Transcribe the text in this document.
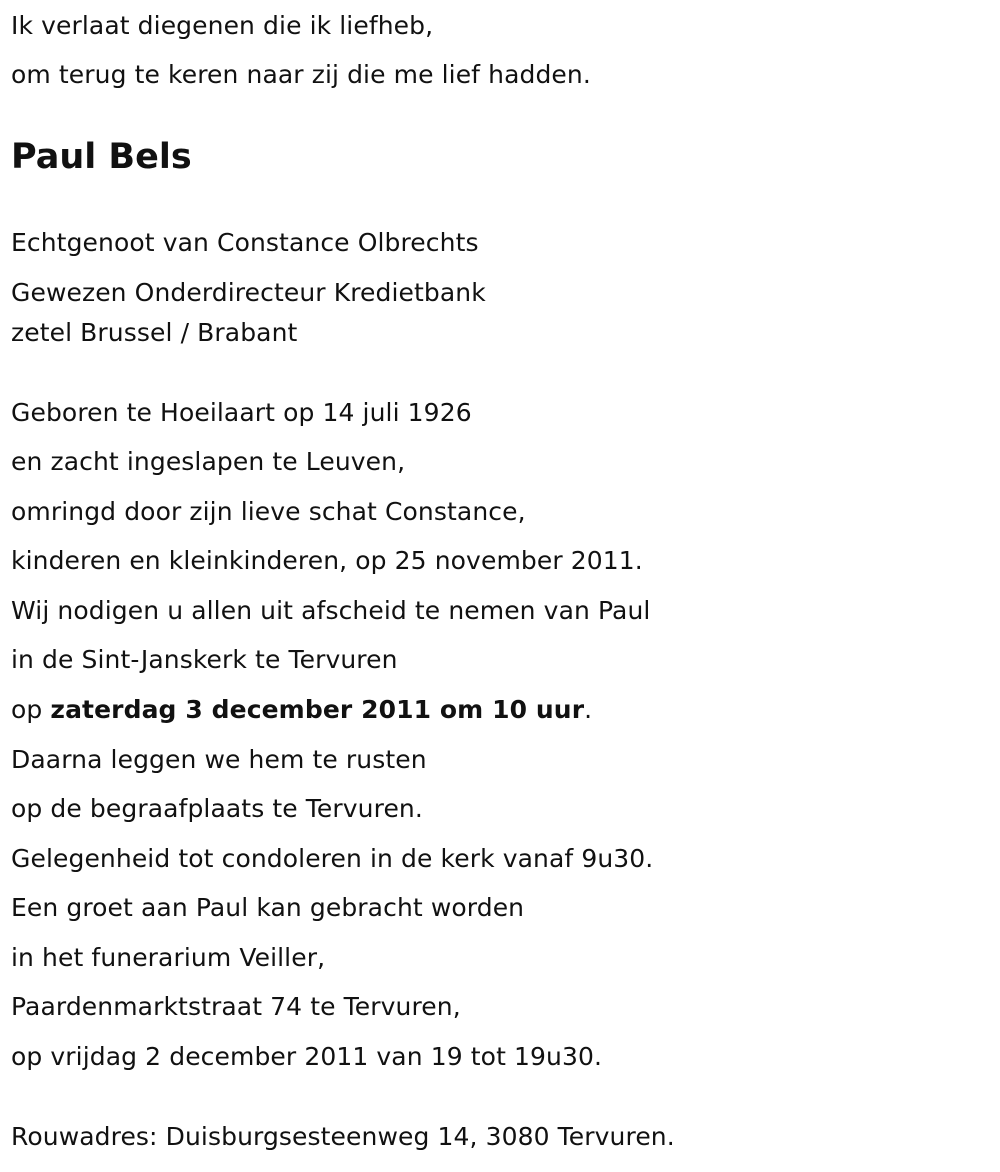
Ik verlaat diegenen die ik liefheb,

om terug te keren naar zij die me lief hadden.

Paul Bels

Echtgenoot van Constance Olbrechts

Gewezen Onderdirecteur Kredietbank

zetel Brussel / Brabant

Geboren te Hoeilaart op 14 juli 1926

en zacht ingeslapen te Leuven,

omringd door zijn lieve schat Constance,

kinderen en kleinkinderen, op 25 november 2011.

Wij nodigen u allen uit afscheid te nemen van Paul

in de Sint-Janskerk te Tervuren

op zaterdag 3 december 2011 om 10 uur.

Daarna leggen we hem te rusten

op de begraafplaats te Tervuren.

Gelegenheid tot condoleren in de kerk vanaf 9u30.

Een groet aan Paul kan gebracht worden

in het funerarium Veiller,

Paardenmarktstraat 74 te Tervuren,

op vrijdag 2 december 2011 van 19 tot 19u30.

Rouwadres: Duisburgsesteenweg 14, 3080 Tervuren.
